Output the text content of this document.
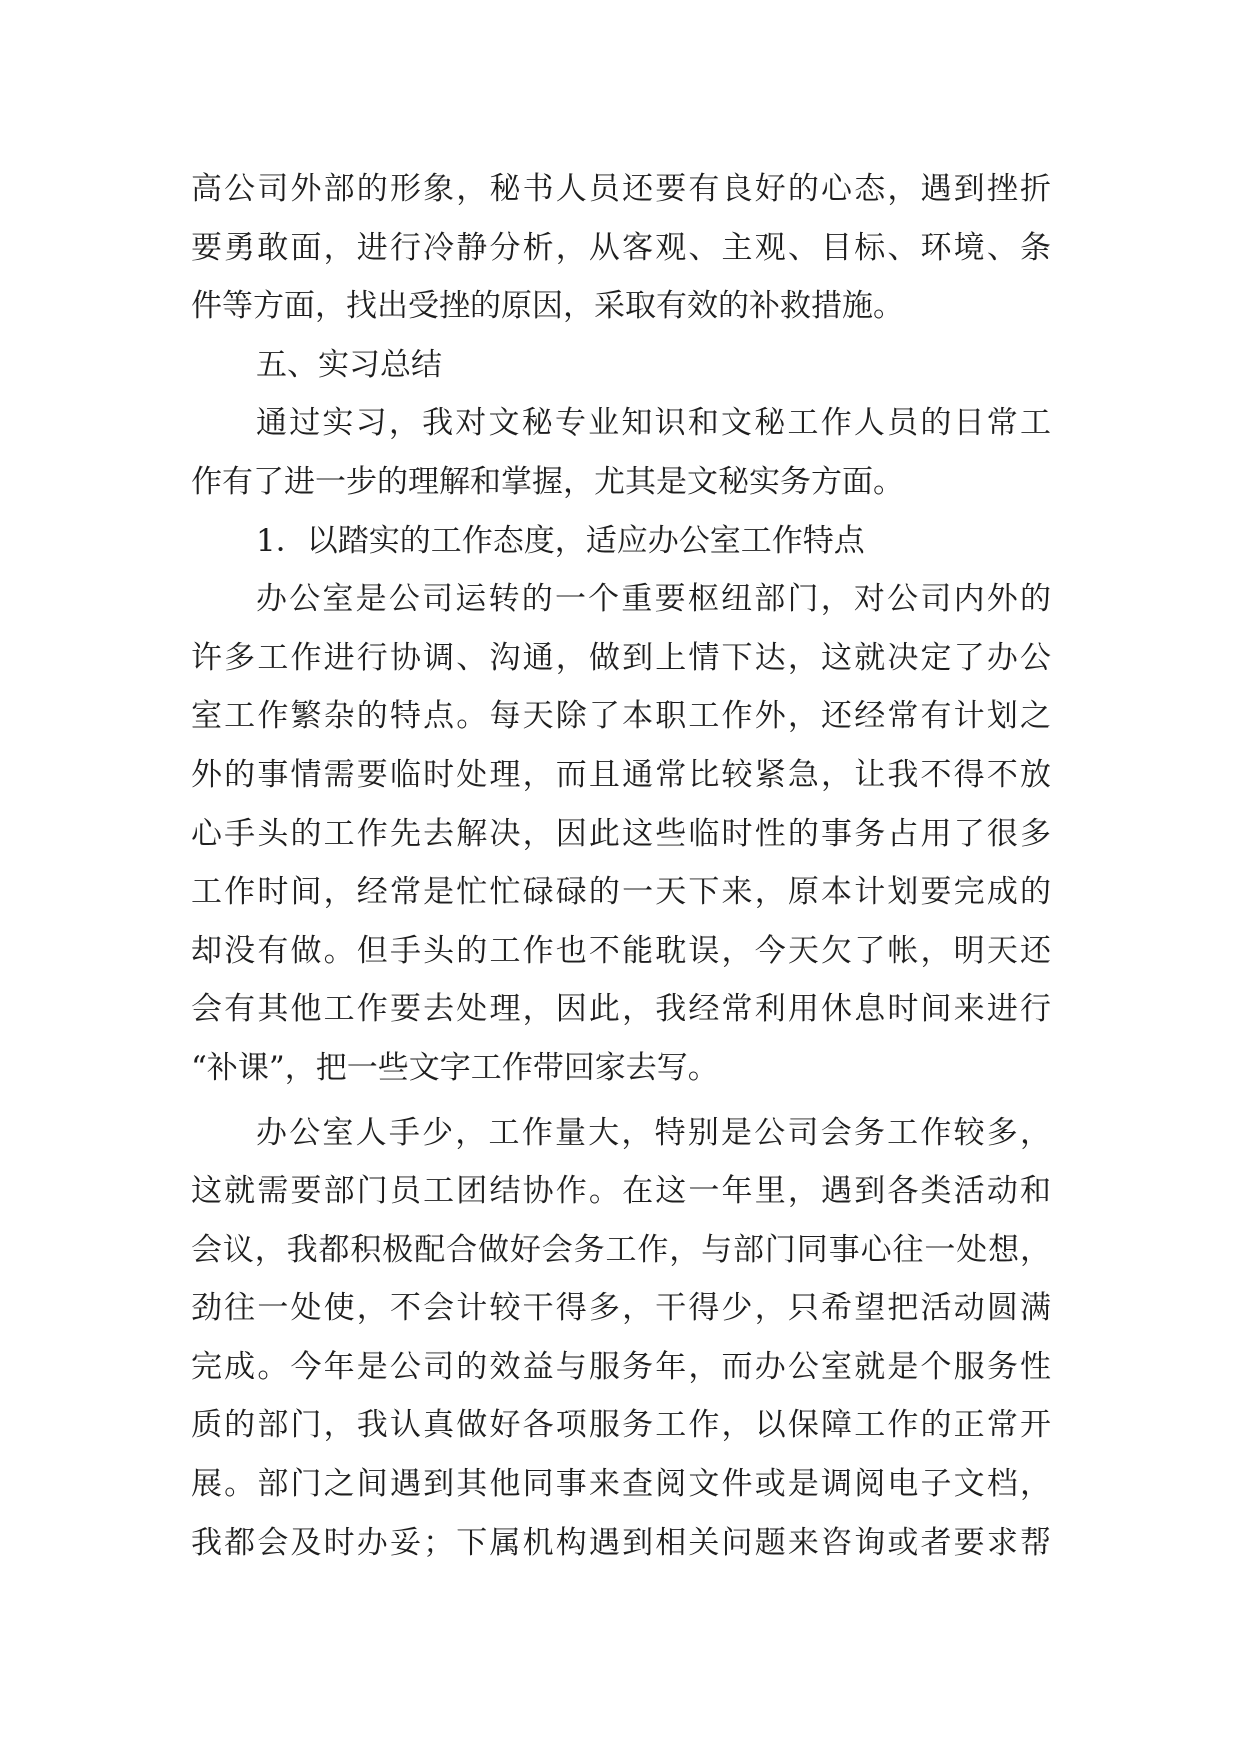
高公司外部的形象，秘书人员还要有良好的心态，遇到挫折
要勇敢面，进行冷静分析，从客观、主观、目标、环境、条
件等方面，找出受挫的原因，采取有效的补救措施。
五、实习总结
通过实习，我对文秘专业知识和文秘工作人员的日常工
作有了进一步的理解和掌握，尤其是文秘实务方面。
1．以踏实的工作态度，适应办公室工作特点
办公室是公司运转的一个重要枢纽部门，对公司内外的
许多工作进行协调、沟通，做到上情下达，这就决定了办公
室工作繁杂的特点。每天除了本职工作外，还经常有计划之
外的事情需要临时处理，而且通常比较紧急，让我不得不放
心手头的工作先去解决，因此这些临时性的事务占用了很多
工作时间，经常是忙忙碌碌的一天下来，原本计划要完成的
却没有做。但手头的工作也不能耽误，今天欠了帐，明天还
会有其他工作要去处理，因此，我经常利用休息时间来进行
“补课”，把一些文字工作带回家去写。
办公室人手少，工作量大，特别是公司会务工作较多，
这就需要部门员工团结协作。在这一年里，遇到各类活动和
会议，我都积极配合做好会务工作，与部门同事心往一处想，
劲往一处使，不会计较干得多，干得少，只希望把活动圆满
完成。今年是公司的效益与服务年，而办公室就是个服务性
质的部门，我认真做好各项服务工作，以保障工作的正常开
展。部门之间遇到其他同事来查阅文件或是调阅电子文档，
我都会及时办妥；下属机构遇到相关问题来咨询或者要求帮
